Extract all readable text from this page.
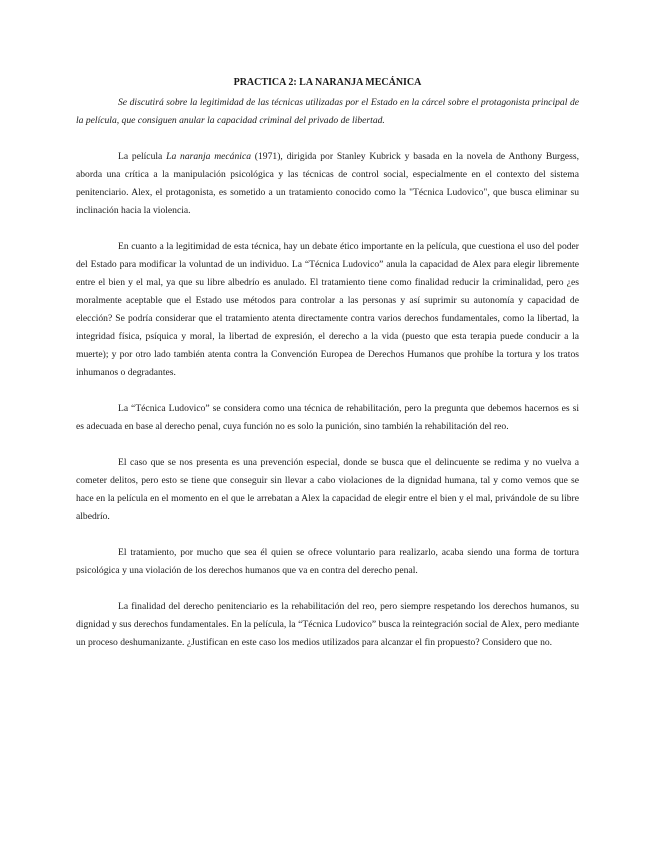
PRACTICA 2: LA NARANJA MECÁNICA

Se discutirá sobre la legitimidad de las técnicas utilizadas por el Estado en la cárcel sobre el protagonista principal de la película, que consiguen anular la capacidad criminal del privado de libertad.

La película La naranja mecánica (1971), dirigida por Stanley Kubrick y basada en la novela de Anthony Burgess, aborda una crítica a la manipulación psicológica y las técnicas de control social, especialmente en el contexto del sistema penitenciario. Alex, el protagonista, es sometido a un tratamiento conocido como la "Técnica Ludovico", que busca eliminar su inclinación hacia la violencia.

En cuanto a la legitimidad de esta técnica, hay un debate ético importante en la película, que cuestiona el uso del poder del Estado para modificar la voluntad de un individuo. La “Técnica Ludovico” anula la capacidad de Alex para elegir libremente entre el bien y el mal, ya que su libre albedrío es anulado. El tratamiento tiene como finalidad reducir la criminalidad, pero ¿es moralmente aceptable que el Estado use métodos para controlar a las personas y así suprimir su autonomía y capacidad de elección? Se podría considerar que el tratamiento atenta directamente contra varios derechos fundamentales, como la libertad, la integridad física, psíquica y moral, la libertad de expresión, el derecho a la vida (puesto que esta terapia puede conducir a la muerte); y por otro lado también atenta contra la Convención Europea de Derechos Humanos que prohíbe la tortura y los tratos inhumanos o degradantes.

La “Técnica Ludovico” se considera como una técnica de rehabilitación, pero la pregunta que debemos hacernos es si es adecuada en base al derecho penal, cuya función no es solo la punición, sino también la rehabilitación del reo.

El caso que se nos presenta es una prevención especial, donde se busca que el delincuente se redima y no vuelva a cometer delitos, pero esto se tiene que conseguir sin llevar a cabo violaciones de la dignidad humana, tal y como vemos que se hace en la película en el momento en el que le arrebatan a Alex la capacidad de elegir entre el bien y el mal, privándole de su libre albedrío.

El tratamiento, por mucho que sea él quien se ofrece voluntario para realizarlo, acaba siendo una forma de tortura psicológica y una violación de los derechos humanos que va en contra del derecho penal.

La finalidad del derecho penitenciario es la rehabilitación del reo, pero siempre respetando los derechos humanos, su dignidad y sus derechos fundamentales. En la película, la “Técnica Ludovico” busca la reintegración social de Alex, pero mediante un proceso deshumanizante. ¿Justifican en este caso los medios utilizados para alcanzar el fin propuesto? Considero que no.
